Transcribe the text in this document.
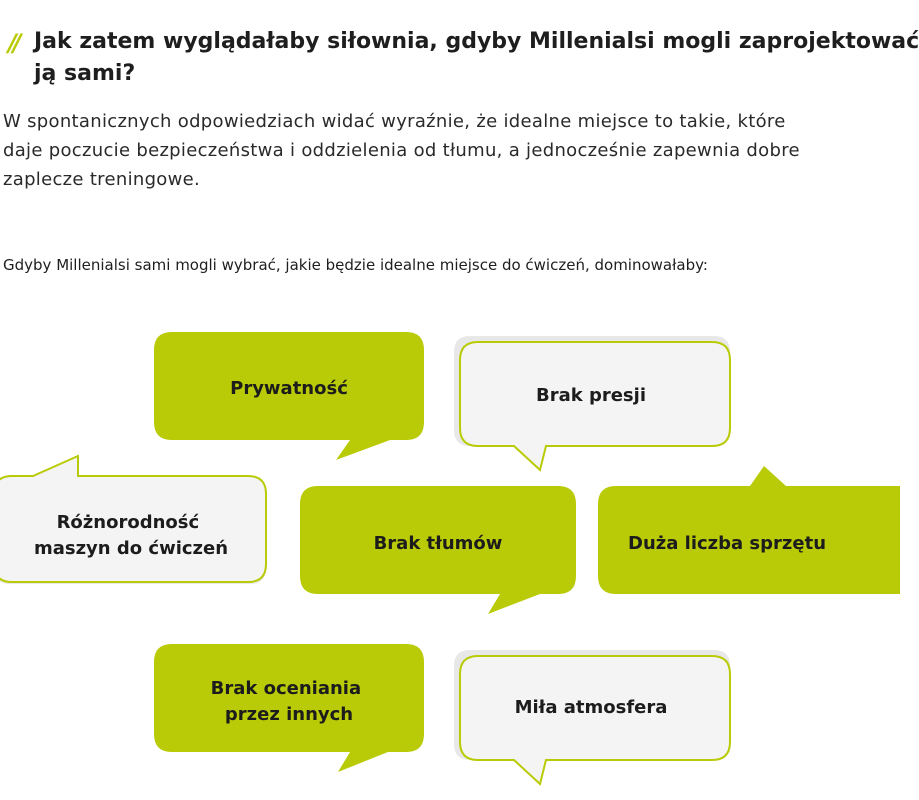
// Jak zatem wyglądałaby siłownia, gdyby Millenialsi mogli zaprojektować
ją sami?
W spontanicznych odpowiedziach widać wyraźnie, że idealne miejsce to takie, które
daje poczucie bezpieczeństwa i oddzielenia od tłumu, a jednocześnie zapewnia dobre
zaplecze treningowe.
Gdyby Millenialsi sami mogli wybrać, jakie będzie idealne miejsce do ćwiczeń, dominowałaby:
Prywatność	Brak presji
Różnorodność maszyn do ćwiczeń	Brak tłumów	Duża liczba sprzętu
Brak oceniania przez innych	Miła atmosfera
